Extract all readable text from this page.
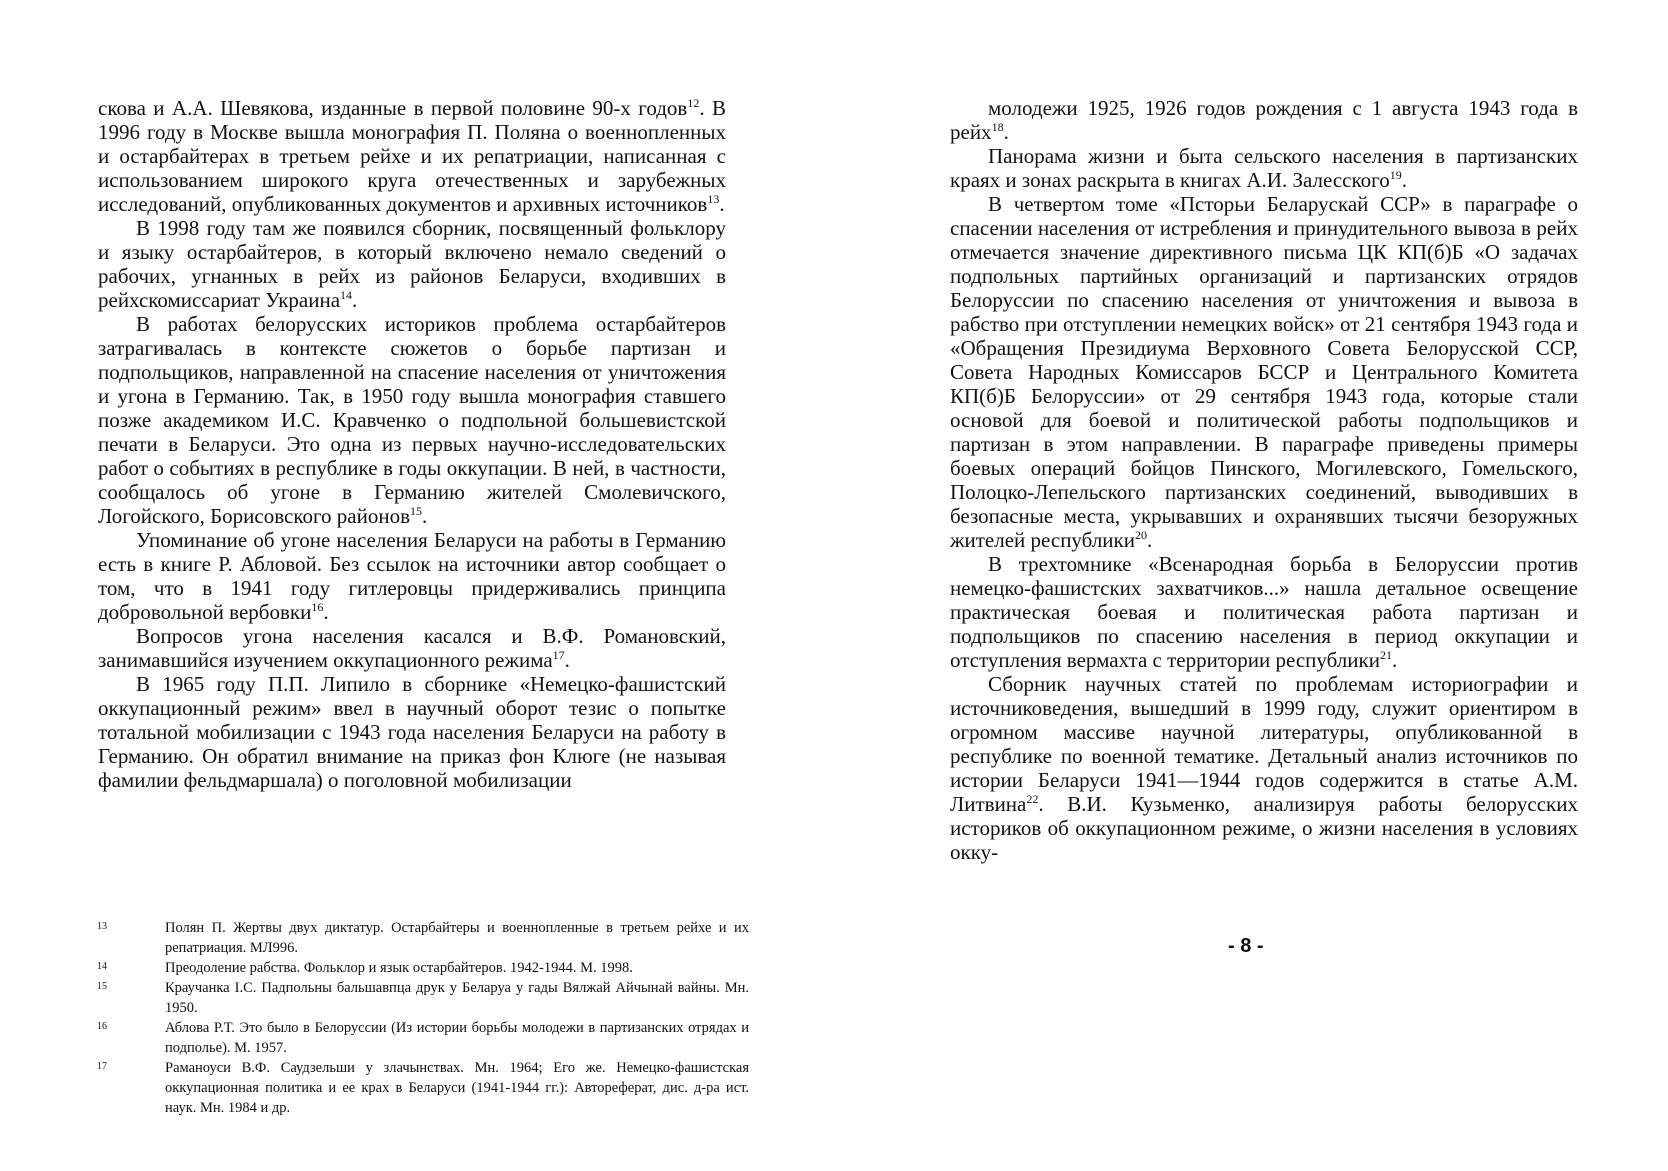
скова и А.А. Шевякова, изданные в первой половине 90-х годов$^{12}$. В 1996 году в Москве вышла монография П. Поляна о военнопленных и остарбайтерах в третьем рейхе и их репатриации, написанная с использованием широкого круга отечественных и зарубежных исследований, опубликованных документов и архивных источников$^{13}$.

В 1998 году там же появился сборник, посвященный фольклору и языку остарбайтеров, в который включено немало сведений о рабочих, угнанных в рейх из районов Беларуси, входивших в рейхскомиссариат Украина$^{14}$.

В работах белорусских историков проблема остарбайтеров затрагивалась в контексте сюжетов о борьбе партизан и подпольщиков, направленной на спасение населения от уничтожения и угона в Германию. Так, в 1950 году вышла монография ставшего позже академиком И.С. Кравченко о подпольной большевистской печати в Беларуси. Это одна из первых научно-исследовательских работ о событиях в республике в годы оккупации. В ней, в частности, сообщалось об угоне в Германию жителей Смолевичского, Логойского, Борисовского районов$^{15}$.

Упоминание об угоне населения Беларуси на работы в Германию есть в книге Р. Абловой. Без ссылок на источники автор сообщает о том, что в 1941 году гитлеровцы придерживались принципа добровольной вербовки$^{16}$.

Вопросов угона населения касался и В.Ф. Романовский, занимавшийся изучением оккупационного режима$^{17}$.

В 1965 году П.П. Липило в сборнике «Немецко-фашистский оккупационный режим» ввел в научный оборот тезис о попытке тотальной мобилизации с 1943 года населения Беларуси на работу в Германию. Он обратил внимание на приказ фон Клюге (не называя фамилии фельдмаршала) о поголовной мобилизации

13	Полян П. Жертвы двух диктатур. Остарбайтеры и военнопленные в третьем рейхе и их репатриация. МЛ996.
14	Преодоление рабства. Фольклор и язык остарбайтеров. 1942-1944. М. 1998.
15	Краучанка I.С. Падпольны бальшавпца друк у Беларуа у гады Вялжай Айчынай вайны. Мн. 1950.
16	Аблова Р.Т. Это было в Белоруссии (Из истории борьбы молодежи в партизанских отрядах и подполье). М. 1957.
17	Раманоуси В.Ф. Саудзельши у злачынствах. Мн. 1964; Его же. Немецко-фашистская оккупационная политика и ее крах в Беларуси (1941-1944 гг.): Автореферат, дис. д-ра ист. наук. Мн. 1984 и др.

молодежи 1925, 1926 годов рождения с 1 августа 1943 года в рейх$^{18}$.

Панорама жизни и быта сельского населения в партизанских краях и зонах раскрыта в книгах А.И. Залесского$^{19}$.

В четвертом томе «Псторьи Беларускай ССР» в параграфе о спасении населения от истребления и принудительного вывоза в рейх отмечается значение директивного письма ЦК КП(б)Б «О задачах подпольных партийных организаций и партизанских отрядов Белоруссии по спасению населения от уничтожения и вывоза в рабство при отступлении немецких войск» от 21 сентября 1943 года и «Обращения Президиума Верховного Совета Белорусской ССР, Совета Народных Комиссаров БССР и Центрального Комитета КП(б)Б Белоруссии» от 29 сентября 1943 года, которые стали основой для боевой и политической работы подпольщиков и партизан в этом направлении. В параграфе приведены примеры боевых операций бойцов Пинского, Могилевского, Гомельского, Полоцко-Лепельского партизанских соединений, выводивших в безопасные места, укрывавших и охранявших тысячи безоружных жителей республики$^{20}$.

В трехтомнике «Всенародная борьба в Белоруссии против немецко-фашистских захватчиков...» нашла детальное освещение практическая боевая и политическая работа партизан и подпольщиков по спасению населения в период оккупации и отступления вермахта с территории республики$^{21}$.

Сборник научных статей по проблемам историографии и источниковедения, вышедший в 1999 году, служит ориентиром в огромном массиве научной литературы, опубликованной в республике по военной тематике. Детальный анализ источников по истории Беларуси 1941—1944 годов содержится в статье А.М. Литвина$^{22}$. В.И. Кузьменко, анализируя работы белорусских историков об оккупационном режиме, о жизни населения в условиях окку-

- 8 -
